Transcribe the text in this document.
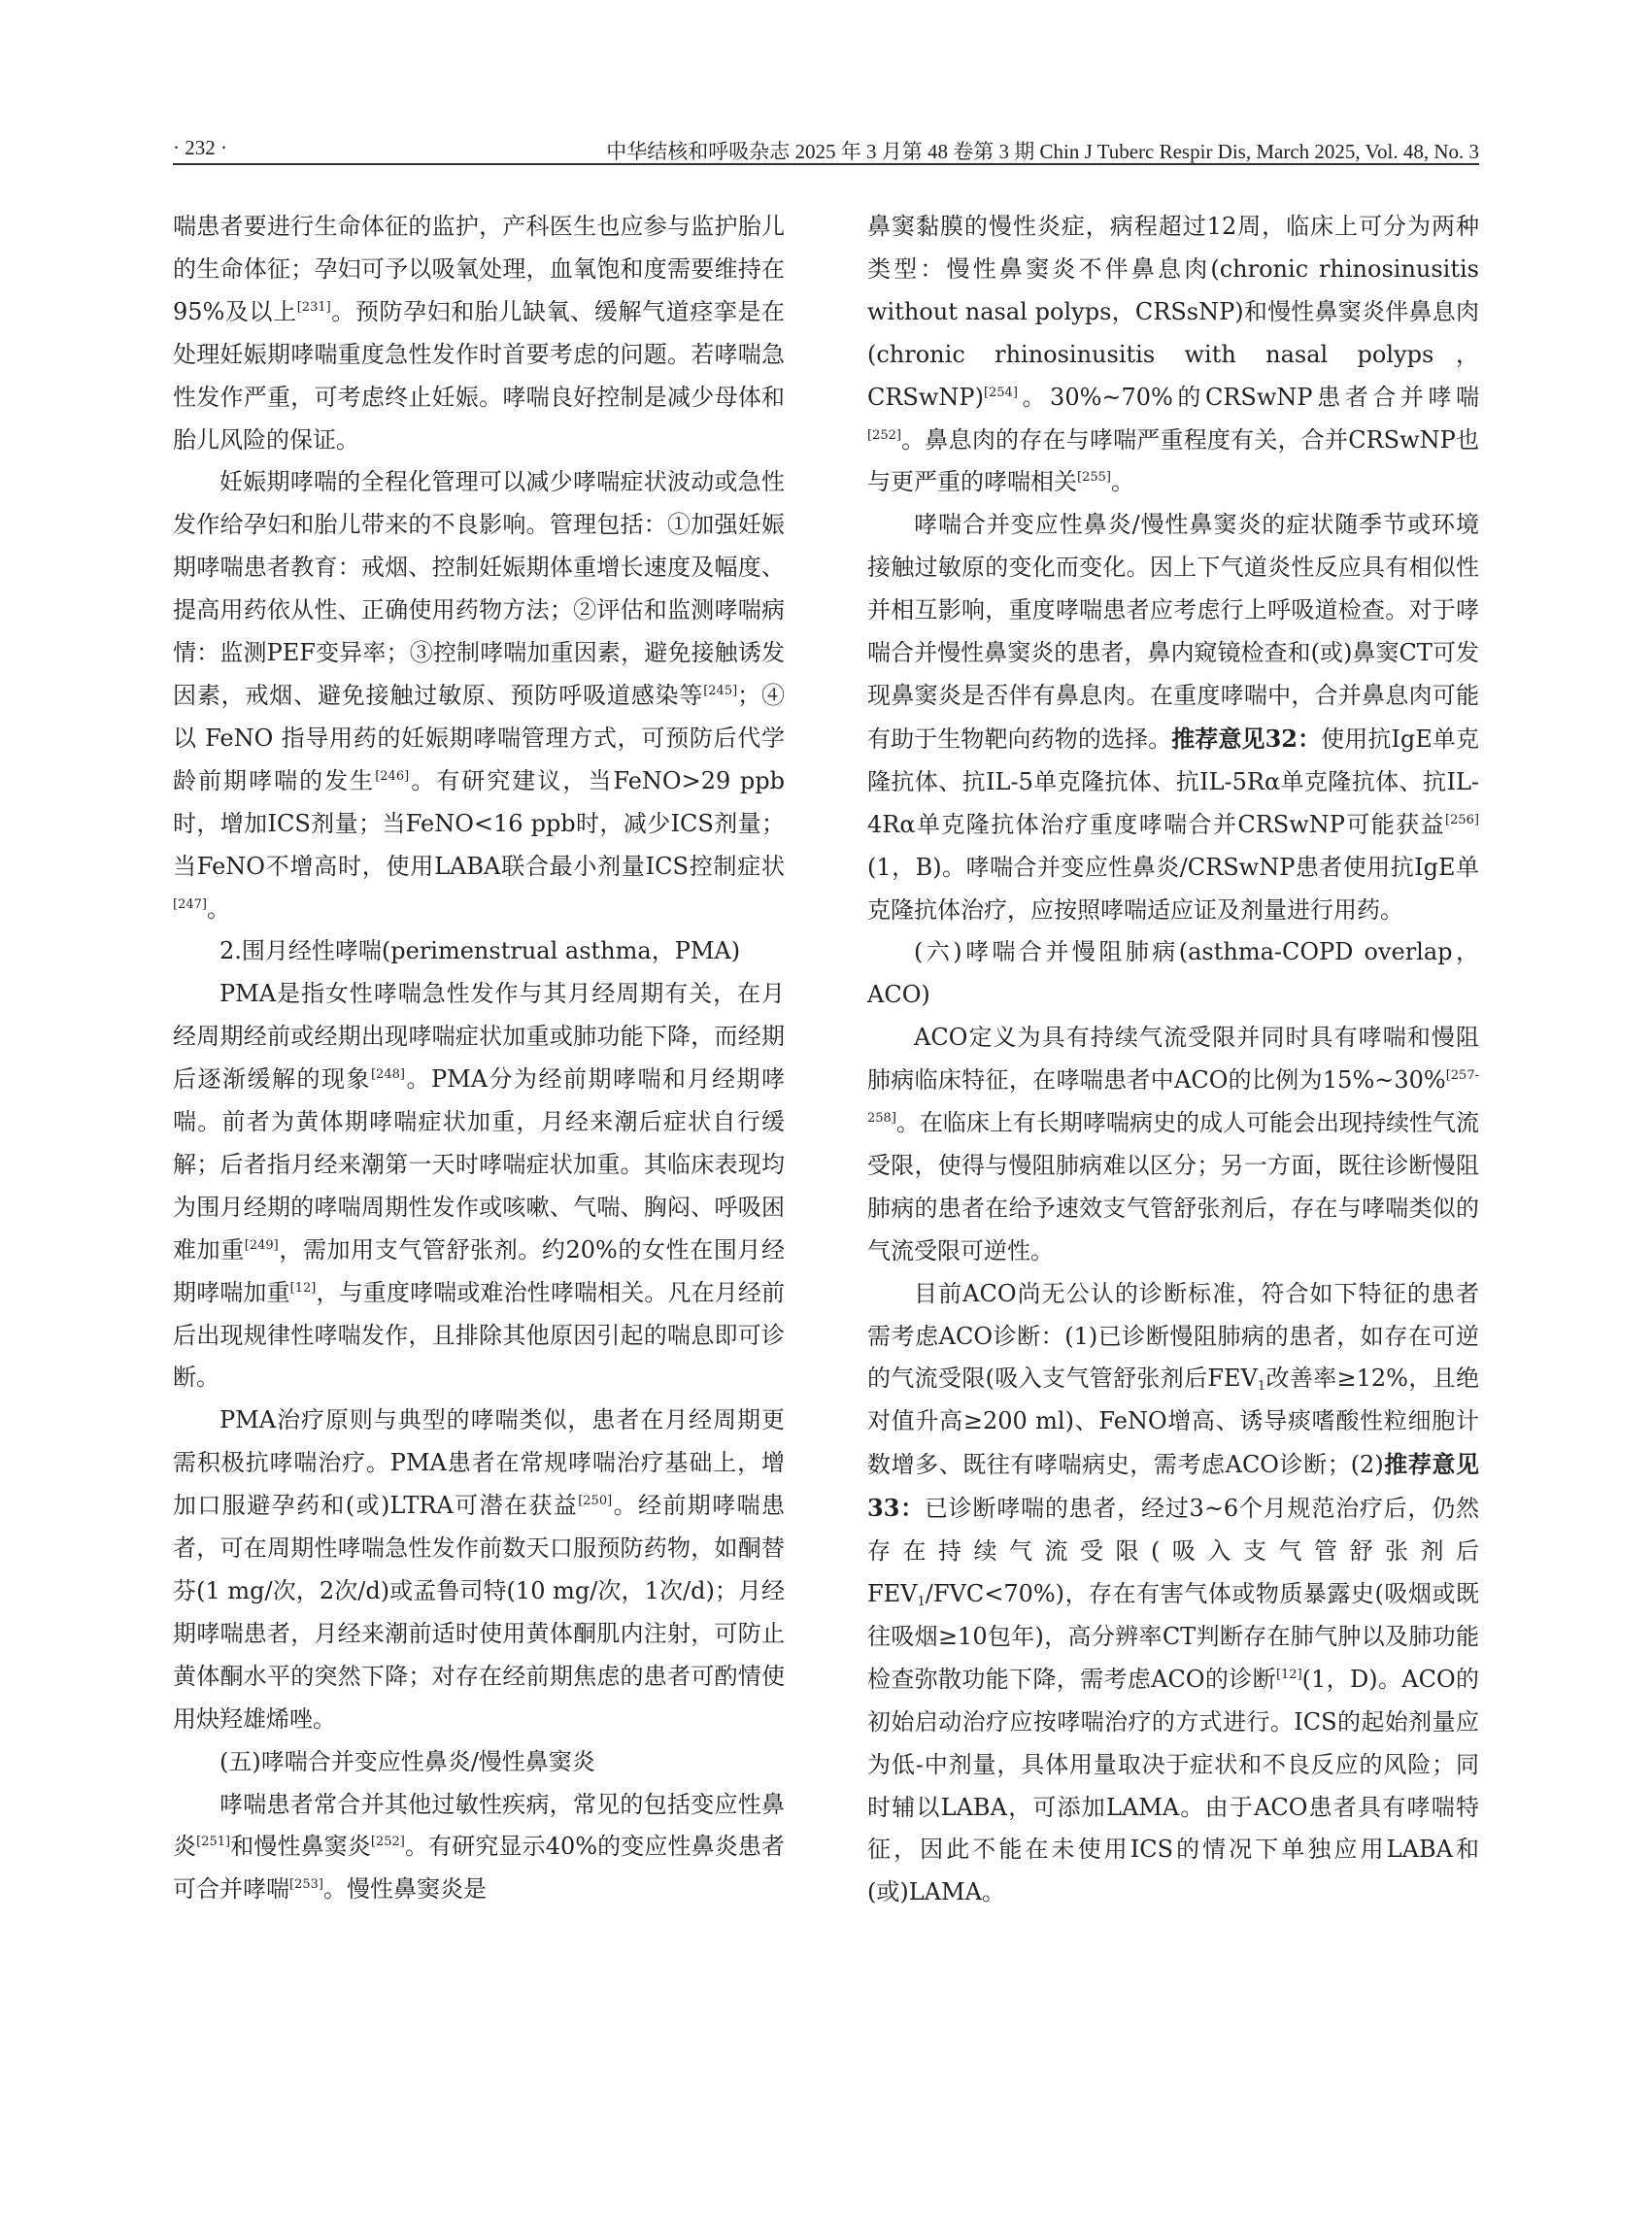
· 232 ·	中华结核和呼吸杂志 2025 年 3 月第 48 卷第 3 期 Chin J Tuberc Respir Dis, March 2025, Vol. 48, No. 3

喘患者要进行生命体征的监护，产科医生也应参与监护胎儿的生命体征；孕妇可予以吸氧处理，血氧饱和度需要维持在95%及以上[231]。预防孕妇和胎儿缺氧、缓解气道痉挛是在处理妊娠期哮喘重度急性发作时首要考虑的问题。若哮喘急性发作严重，可考虑终止妊娠。哮喘良好控制是减少母体和胎儿风险的保证。

妊娠期哮喘的全程化管理可以减少哮喘症状波动或急性发作给孕妇和胎儿带来的不良影响。管理包括：①加强妊娠期哮喘患者教育：戒烟、控制妊娠期体重增长速度及幅度、提高用药依从性、正确使用药物方法；②评估和监测哮喘病情：监测PEF变异率；③控制哮喘加重因素，避免接触诱发因素，戒烟、避免接触过敏原、预防呼吸道感染等[245]；④以 FeNO 指导用药的妊娠期哮喘管理方式，可预防后代学龄前期哮喘的发生[246]。有研究建议，当FeNO>29 ppb时，增加ICS剂量；当FeNO<16 ppb时，减少ICS剂量；当FeNO不增高时，使用LABA联合最小剂量ICS控制症状[247]。

2.围月经性哮喘(perimenstrual asthma，PMA)

PMA是指女性哮喘急性发作与其月经周期有关，在月经周期经前或经期出现哮喘症状加重或肺功能下降，而经期后逐渐缓解的现象[248]。PMA分为经前期哮喘和月经期哮喘。前者为黄体期哮喘症状加重，月经来潮后症状自行缓解；后者指月经来潮第一天时哮喘症状加重。其临床表现均为围月经期的哮喘周期性发作或咳嗽、气喘、胸闷、呼吸困难加重[249]，需加用支气管舒张剂。约20%的女性在围月经期哮喘加重[12]，与重度哮喘或难治性哮喘相关。凡在月经前后出现规律性哮喘发作，且排除其他原因引起的喘息即可诊断。

PMA治疗原则与典型的哮喘类似，患者在月经周期更需积极抗哮喘治疗。PMA患者在常规哮喘治疗基础上，增加口服避孕药和(或)LTRA可潜在获益[250]。经前期哮喘患者，可在周期性哮喘急性发作前数天口服预防药物，如酮替芬(1 mg/次，2次/d)或孟鲁司特(10 mg/次，1次/d)；月经期哮喘患者，月经来潮前适时使用黄体酮肌内注射，可防止黄体酮水平的突然下降；对存在经前期焦虑的患者可酌情使用炔羟雄烯唑。

(五)哮喘合并变应性鼻炎/慢性鼻窦炎

哮喘患者常合并其他过敏性疾病，常见的包括变应性鼻炎[251]和慢性鼻窦炎[252]。有研究显示40%的变应性鼻炎患者可合并哮喘[253]。慢性鼻窦炎是

鼻窦黏膜的慢性炎症，病程超过12周，临床上可分为两种类型：慢性鼻窦炎不伴鼻息肉(chronic rhinosinusitis without nasal polyps，CRSsNP)和慢性鼻窦炎伴鼻息肉(chronic rhinosinusitis with nasal polyps，CRSwNP)[254]。30%~70%的CRSwNP患者合并哮喘[252]。鼻息肉的存在与哮喘严重程度有关，合并CRSwNP也与更严重的哮喘相关[255]。

哮喘合并变应性鼻炎/慢性鼻窦炎的症状随季节或环境接触过敏原的变化而变化。因上下气道炎性反应具有相似性并相互影响，重度哮喘患者应考虑行上呼吸道检查。对于哮喘合并慢性鼻窦炎的患者，鼻内窥镜检查和(或)鼻窦CT可发现鼻窦炎是否伴有鼻息肉。在重度哮喘中，合并鼻息肉可能有助于生物靶向药物的选择。推荐意见32：使用抗IgE单克隆抗体、抗IL-5单克隆抗体、抗IL-5Rα单克隆抗体、抗IL-4Rα单克隆抗体治疗重度哮喘合并CRSwNP可能获益[256](1，B)。哮喘合并变应性鼻炎/CRSwNP患者使用抗IgE单克隆抗体治疗，应按照哮喘适应证及剂量进行用药。

(六)哮喘合并慢阻肺病(asthma-COPD overlap，ACO)

ACO定义为具有持续气流受限并同时具有哮喘和慢阻肺病临床特征，在哮喘患者中ACO的比例为15%~30%[257-258]。在临床上有长期哮喘病史的成人可能会出现持续性气流受限，使得与慢阻肺病难以区分；另一方面，既往诊断慢阻肺病的患者在给予速效支气管舒张剂后，存在与哮喘类似的气流受限可逆性。

目前ACO尚无公认的诊断标准，符合如下特征的患者需考虑ACO诊断：(1)已诊断慢阻肺病的患者，如存在可逆的气流受限(吸入支气管舒张剂后$FEV_1$改善率≥12%，且绝对值升高≥200 ml)、FeNO增高、诱导痰嗜酸性粒细胞计数增多、既往有哮喘病史，需考虑ACO诊断；(2)推荐意见33：已诊断哮喘的患者，经过3~6个月规范治疗后，仍然存在持续气流受限(吸入支气管舒张剂后$FEV_1/FVC<70\%$)，存在有害气体或物质暴露史(吸烟或既往吸烟≥10包年)，高分辨率CT判断存在肺气肿以及肺功能检查弥散功能下降，需考虑ACO的诊断[12](1，D)。ACO的初始启动治疗应按哮喘治疗的方式进行。ICS的起始剂量应为低-中剂量，具体用量取决于症状和不良反应的风险；同时辅以LABA，可添加LAMA。由于ACO患者具有哮喘特征，因此不能在未使用ICS的情况下单独应用LABA和(或)LAMA。
